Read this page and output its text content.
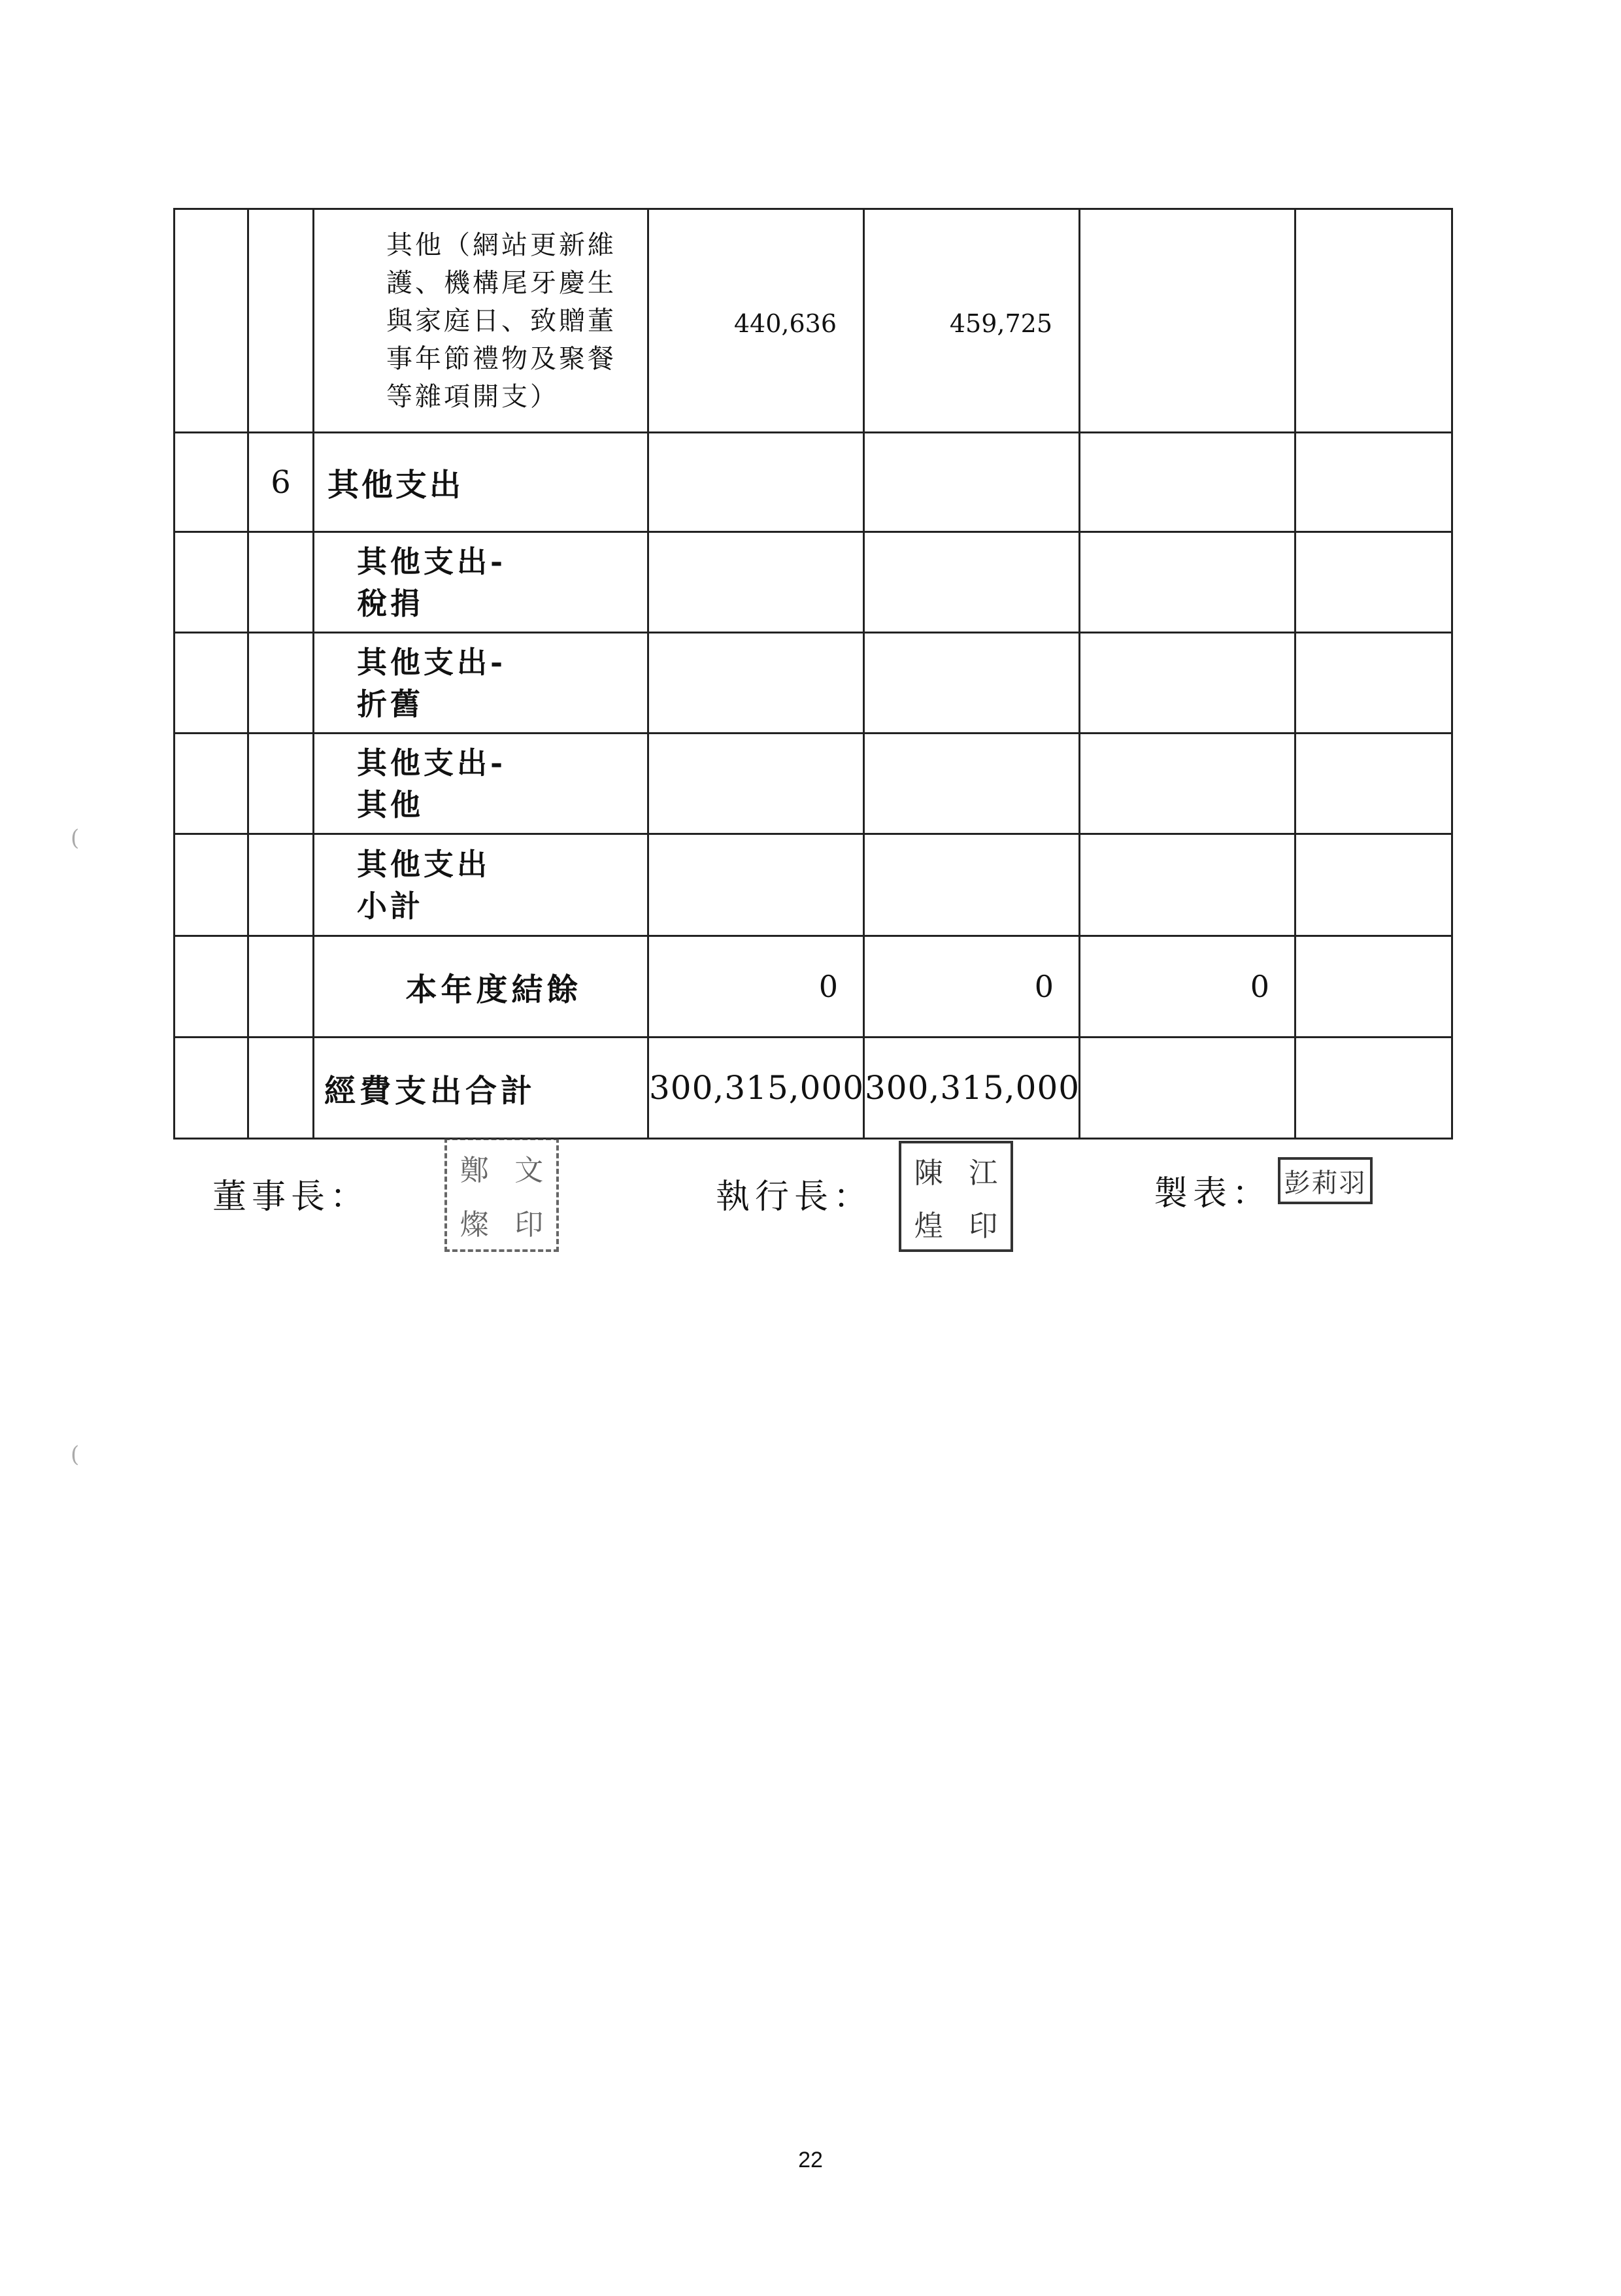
		其他（網站更新維
護、機構尾牙慶生
與家庭日、致贈董
事年節禮物及聚餐
等雜項開支）	440,636	459,725		
	6	其他支出				
		其他支出-
稅捐				
		其他支出-
折舊				
		其他支出-
其他				
		其他支出
小計				
		本年度結餘	0	0	0	
		經費支出合計	300,315,000	300,315,000		
董事長：
鄭 文
燦 印
執行長：
陳 江
煌 印
製表： 彭莉羽
(
(
22
